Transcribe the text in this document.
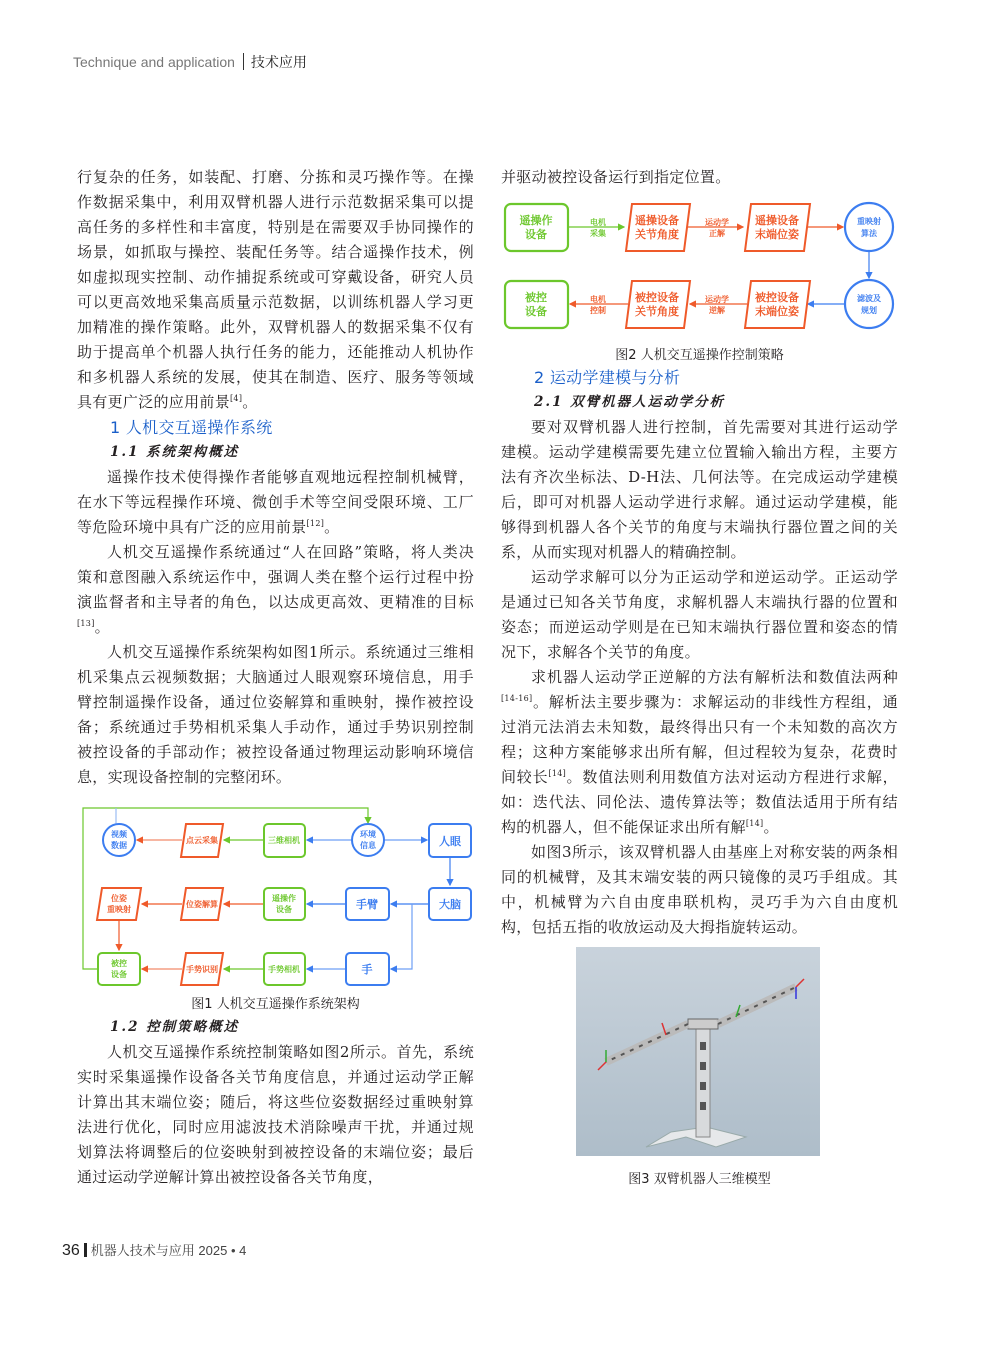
Technique and application 技术应用

行复杂的任务，如装配、打磨、分拣和灵巧操作等。在操作数据采集中，利用双臂机器人进行示范数据采集可以提高任务的多样性和丰富度，特别是在需要双手协同操作的场景，如抓取与操控、装配任务等。结合遥操作技术，例如虚拟现实控制、动作捕捉系统或可穿戴设备，研究人员可以更高效地采集高质量示范数据，以训练机器人学习更加精准的操作策略。此外，双臂机器人的数据采集不仅有助于提高单个机器人执行任务的能力，还能推动人机协作和多机器人系统的发展，使其在制造、医疗、服务等领域具有更广泛的应用前景[4]。

1 人机交互遥操作系统
1.1 系统架构概述

遥操作技术使得操作者能够直观地远程控制机械臂，在水下等远程操作环境、微创手术等空间受限环境、工厂等危险环境中具有广泛的应用前景[12]。

人机交互遥操作系统通过“人在回路”策略，将人类决策和意图融入系统运作中，强调人类在整个运行过程中扮演监督者和主导者的角色，以达成更高效、更精准的目标[13]。

人机交互遥操作系统架构如图1所示。系统通过三维相机采集点云视频数据；大脑通过人眼观察环境信息，用手臂控制遥操作设备，通过位姿解算和重映射，操作被控设备；系统通过手势相机采集人手动作，通过手势识别控制被控设备的手部动作；被控设备通过物理运动影响环境信息，实现设备控制的完整闭环。

视频
数据
点云采集	三维相机
环境
信息	人眼
位姿
重映射
位姿解算
遥操作
设备	手臂	大脑
被控
设备
手势识别	手势相机	手
遥操作
设备
电机
采集
遥操设备
关节角度
运动学
正解
遥操设备
末端位姿
重映射
算法
被控
设备
电机
控制
被控设备
关节角度
运动学
逆解
被控设备
末端位姿
滤波及
规划
图1 人机交互遥操作系统架构
1.2 控制策略概述

人机交互遥操作系统控制策略如图2所示。首先，系统实时采集遥操作设备各关节角度信息，并通过运动学正解计算出其末端位姿；随后，将这些位姿数据经过重映射算法进行优化，同时应用滤波技术消除噪声干扰，并通过规划算法将调整后的位姿映射到被控设备的末端位姿；最后通过运动学逆解计算出被控设备各关节角度，

并驱动被控设备运行到指定位置。

图2 人机交互遥操作控制策略
2 运动学建模与分析
2.1 双臂机器人运动学分析

要对双臂机器人进行控制，首先需要对其进行运动学建模。运动学建模需要先建立位置输入输出方程，主要方法有齐次坐标法、D-H法、几何法等。在完成运动学建模后，即可对机器人运动学进行求解。通过运动学建模，能够得到机器人各个关节的角度与末端执行器位置之间的关系，从而实现对机器人的精确控制。

运动学求解可以分为正运动学和逆运动学。正运动学是通过已知各关节角度，求解机器人末端执行器的位置和姿态；而逆运动学则是在已知末端执行器位置和姿态的情况下，求解各个关节的角度。

求机器人运动学正逆解的方法有解析法和数值法两种[14-16]。解析法主要步骤为：求解运动的非线性方程组，通过消元法消去未知数，最终得出只有一个未知数的高次方程；这种方案能够求出所有解，但过程较为复杂，花费时间较长[14]。数值法则利用数值方法对运动方程进行求解，如：迭代法、同伦法、遗传算法等；数值法适用于所有结构的机器人，但不能保证求出所有解[14]。

如图3所示，该双臂机器人由基座上对称安装的两条相同的机械臂，及其末端安装的两只镜像的灵巧手组成。其中，机械臂为六自由度串联机构，灵巧手为六自由度机构，包括五指的收放运动及大拇指旋转运动。

图3 双臂机器人三维模型
36 机器人技术与应用 2025 • 4
